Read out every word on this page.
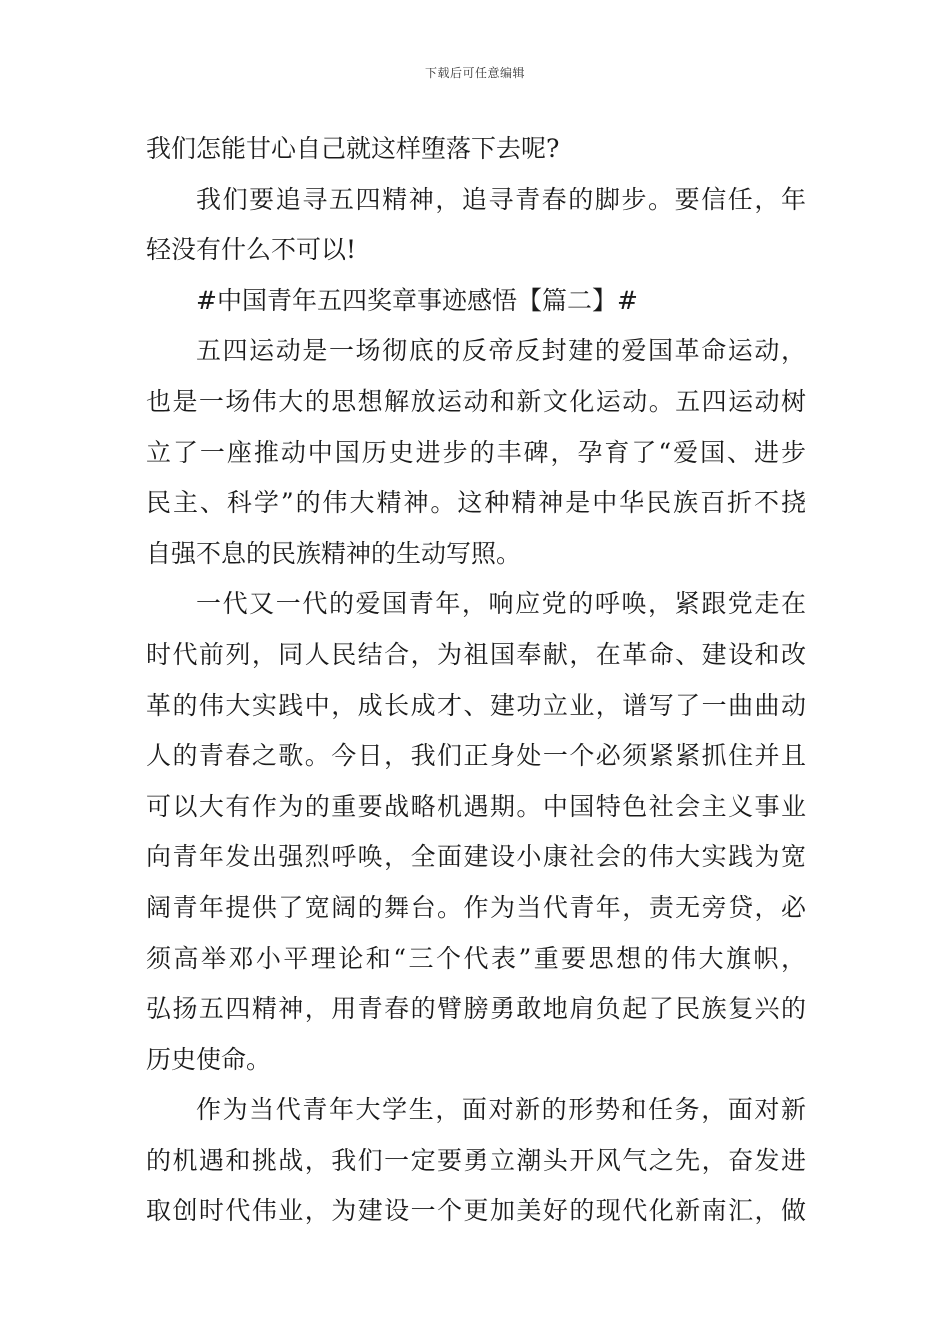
下载后可任意编辑
我们怎能甘心自己就这样堕落下去呢?
我们要追寻五四精神，追寻青春的脚步。要信任，年
轻没有什么不可以!
#中国青年五四奖章事迹感悟【篇二】#
五四运动是一场彻底的反帝反封建的爱国革命运动，
也是一场伟大的思想解放运动和新文化运动。五四运动树
立了一座推动中国历史进步的丰碑，孕育了“爱国、进步
民主、科学”的伟大精神。这种精神是中华民族百折不挠
自强不息的民族精神的生动写照。
一代又一代的爱国青年，响应党的呼唤，紧跟党走在
时代前列，同人民结合，为祖国奉献，在革命、建设和改
革的伟大实践中，成长成才、建功立业，谱写了一曲曲动
人的青春之歌。今日，我们正身处一个必须紧紧抓住并且
可以大有作为的重要战略机遇期。中国特色社会主义事业
向青年发出强烈呼唤，全面建设小康社会的伟大实践为宽
阔青年提供了宽阔的舞台。作为当代青年，责无旁贷，必
须高举邓小平理论和“三个代表”重要思想的伟大旗帜，
弘扬五四精神，用青春的臂膀勇敢地肩负起了民族复兴的
历史使命。
作为当代青年大学生，面对新的形势和任务，面对新
的机遇和挑战，我们一定要勇立潮头开风气之先，奋发进
取创时代伟业，为建设一个更加美好的现代化新南汇，做
